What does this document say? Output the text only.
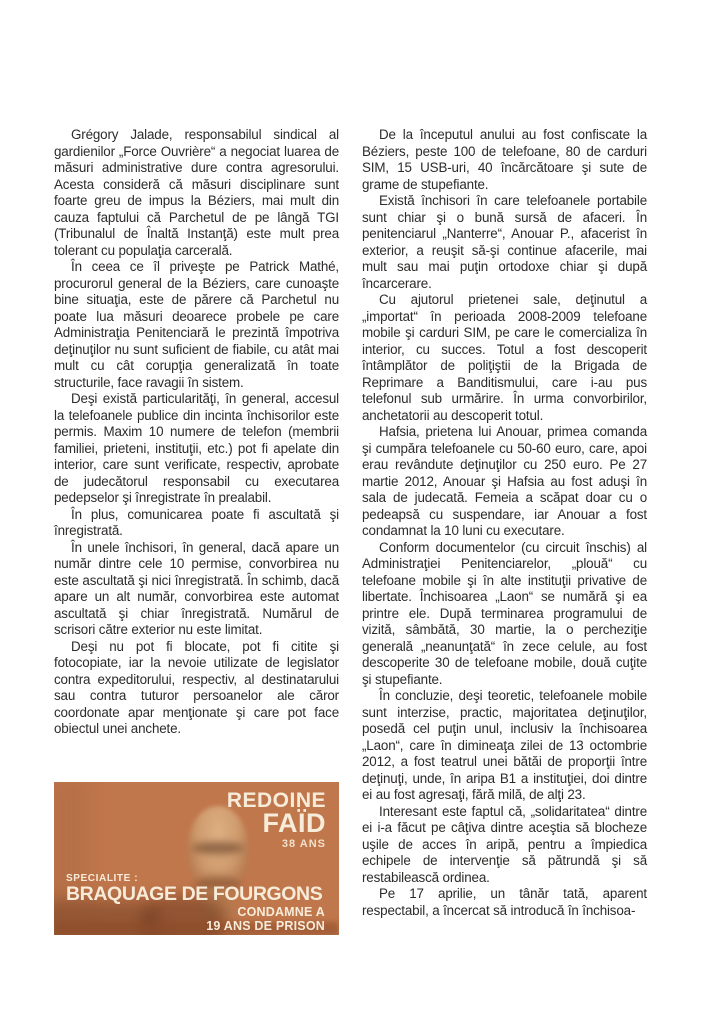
Grégory Jalade, responsabilul sindical al gardienilor „Force Ouvrière“ a negociat luarea de măsuri administrative dure contra agresorului. Acesta consideră că măsuri disciplinare sunt foarte greu de impus la Béziers, mai mult din cauza faptului că Parchetul de pe lângă TGI (Tribunalul de Înaltă Instanţă) este mult prea tolerant cu populaţia carcerală.

În ceea ce îl priveşte pe Patrick Mathé, procurorul general de la Béziers, care cunoaşte bine situaţia, este de părere că Parchetul nu poate lua măsuri deoarece probele pe care Administraţia Penitenciară le prezintă împotriva deţinuţilor nu sunt suficient de fiabile, cu atât mai mult cu cât corupţia generalizată în toate structurile, face ravagii în sistem.

Deşi există particularităţi, în general, accesul la telefoanele publice din incinta închisorilor este permis. Maxim 10 numere de telefon (membrii familiei, prieteni, instituţii, etc.) pot fi apelate din interior, care sunt verificate, respectiv, aprobate de judecătorul responsabil cu executarea pedepselor şi înregistrate în prealabil.

În plus, comunicarea poate fi ascultată şi înregistrată.

În unele închisori, în general, dacă apare un număr dintre cele 10 permise, convorbirea nu este ascultată şi nici înregistrată. În schimb, dacă apare un alt număr, convorbirea este automat ascultată şi chiar înregistrată. Numărul de scrisori către exterior nu este limitat.

Deşi nu pot fi blocate, pot fi citite şi fotocopiate, iar la nevoie utilizate de legislator contra expeditorului, respectiv, al destinatarului sau contra tuturor persoanelor ale căror coordonate apar menţionate şi care pot face obiectul unei anchete.

De la începutul anului au fost confiscate la Béziers, peste 100 de telefoane, 80 de carduri SIM, 15 USB-uri, 40 încărcătoare şi sute de grame de stupefiante.

Există închisori în care telefoanele portabile sunt chiar şi o bună sursă de afaceri. În penitenciarul „Nanterre“, Anouar P., afacerist în exterior, a reuşit să-şi continue afacerile, mai mult sau mai puţin ortodoxe chiar şi după încarcerare.

Cu ajutorul prietenei sale, deţinutul a „importat“ în perioada 2008-2009 telefoane mobile şi carduri SIM, pe care le comercializa în interior, cu succes. Totul a fost descoperit întâmplător de poliţiştii de la Brigada de Reprimare a Banditismului, care i-au pus telefonul sub urmărire. În urma convorbirilor, anchetatorii au descoperit totul.

Hafsia, prietena lui Anouar, primea comanda şi cumpăra telefoanele cu 50-60 euro, care, apoi erau revândute deţinuţilor cu 250 euro. Pe 27 martie 2012, Anouar şi Hafsia au fost aduşi în sala de judecată. Femeia a scăpat doar cu o pedeapsă cu suspendare, iar Anouar a fost condamnat la 10 luni cu executare.

Conform documentelor (cu circuit înschis) al Administraţiei Penitenciarelor, „plouă“ cu telefoane mobile şi în alte instituţii privative de libertate. Închisoarea „Laon“ se numără şi ea printre ele. După terminarea programului de vizită, sâmbătă, 30 martie, la o percheziţie generală „neanunţată“ în zece celule, au fost descoperite 30 de telefoane mobile, două cuţite şi stupefiante.

În concluzie, deşi teoretic, telefoanele mobile sunt interzise, practic, majoritatea deţinuţilor, posedă cel puţin unul, inclusiv la închisoarea „Laon“, care în dimineaţa zilei de 13 octombrie 2012, a fost teatrul unei bătăi de proporţii între deţinuţi, unde, în aripa B1 a instituţiei, doi dintre ei au fost agresaţi, fără milă, de alţi 23.

Interesant este faptul că, „solidaritatea“ dintre ei i-a făcut pe câţiva dintre aceştia să blocheze uşile de acces în aripă, pentru a împiedica echipele de intervenţie să pătrundă şi să restabilească ordinea.

Pe 17 aprilie, un tânăr tată, aparent respectabil, a încercat să introducă în închisoa-

REDOINE
FAÏD
38 ANS
SPECIALITE :
BRAQUAGE DE FOURGONS
CONDAMNE A
19 ANS DE PRISON
